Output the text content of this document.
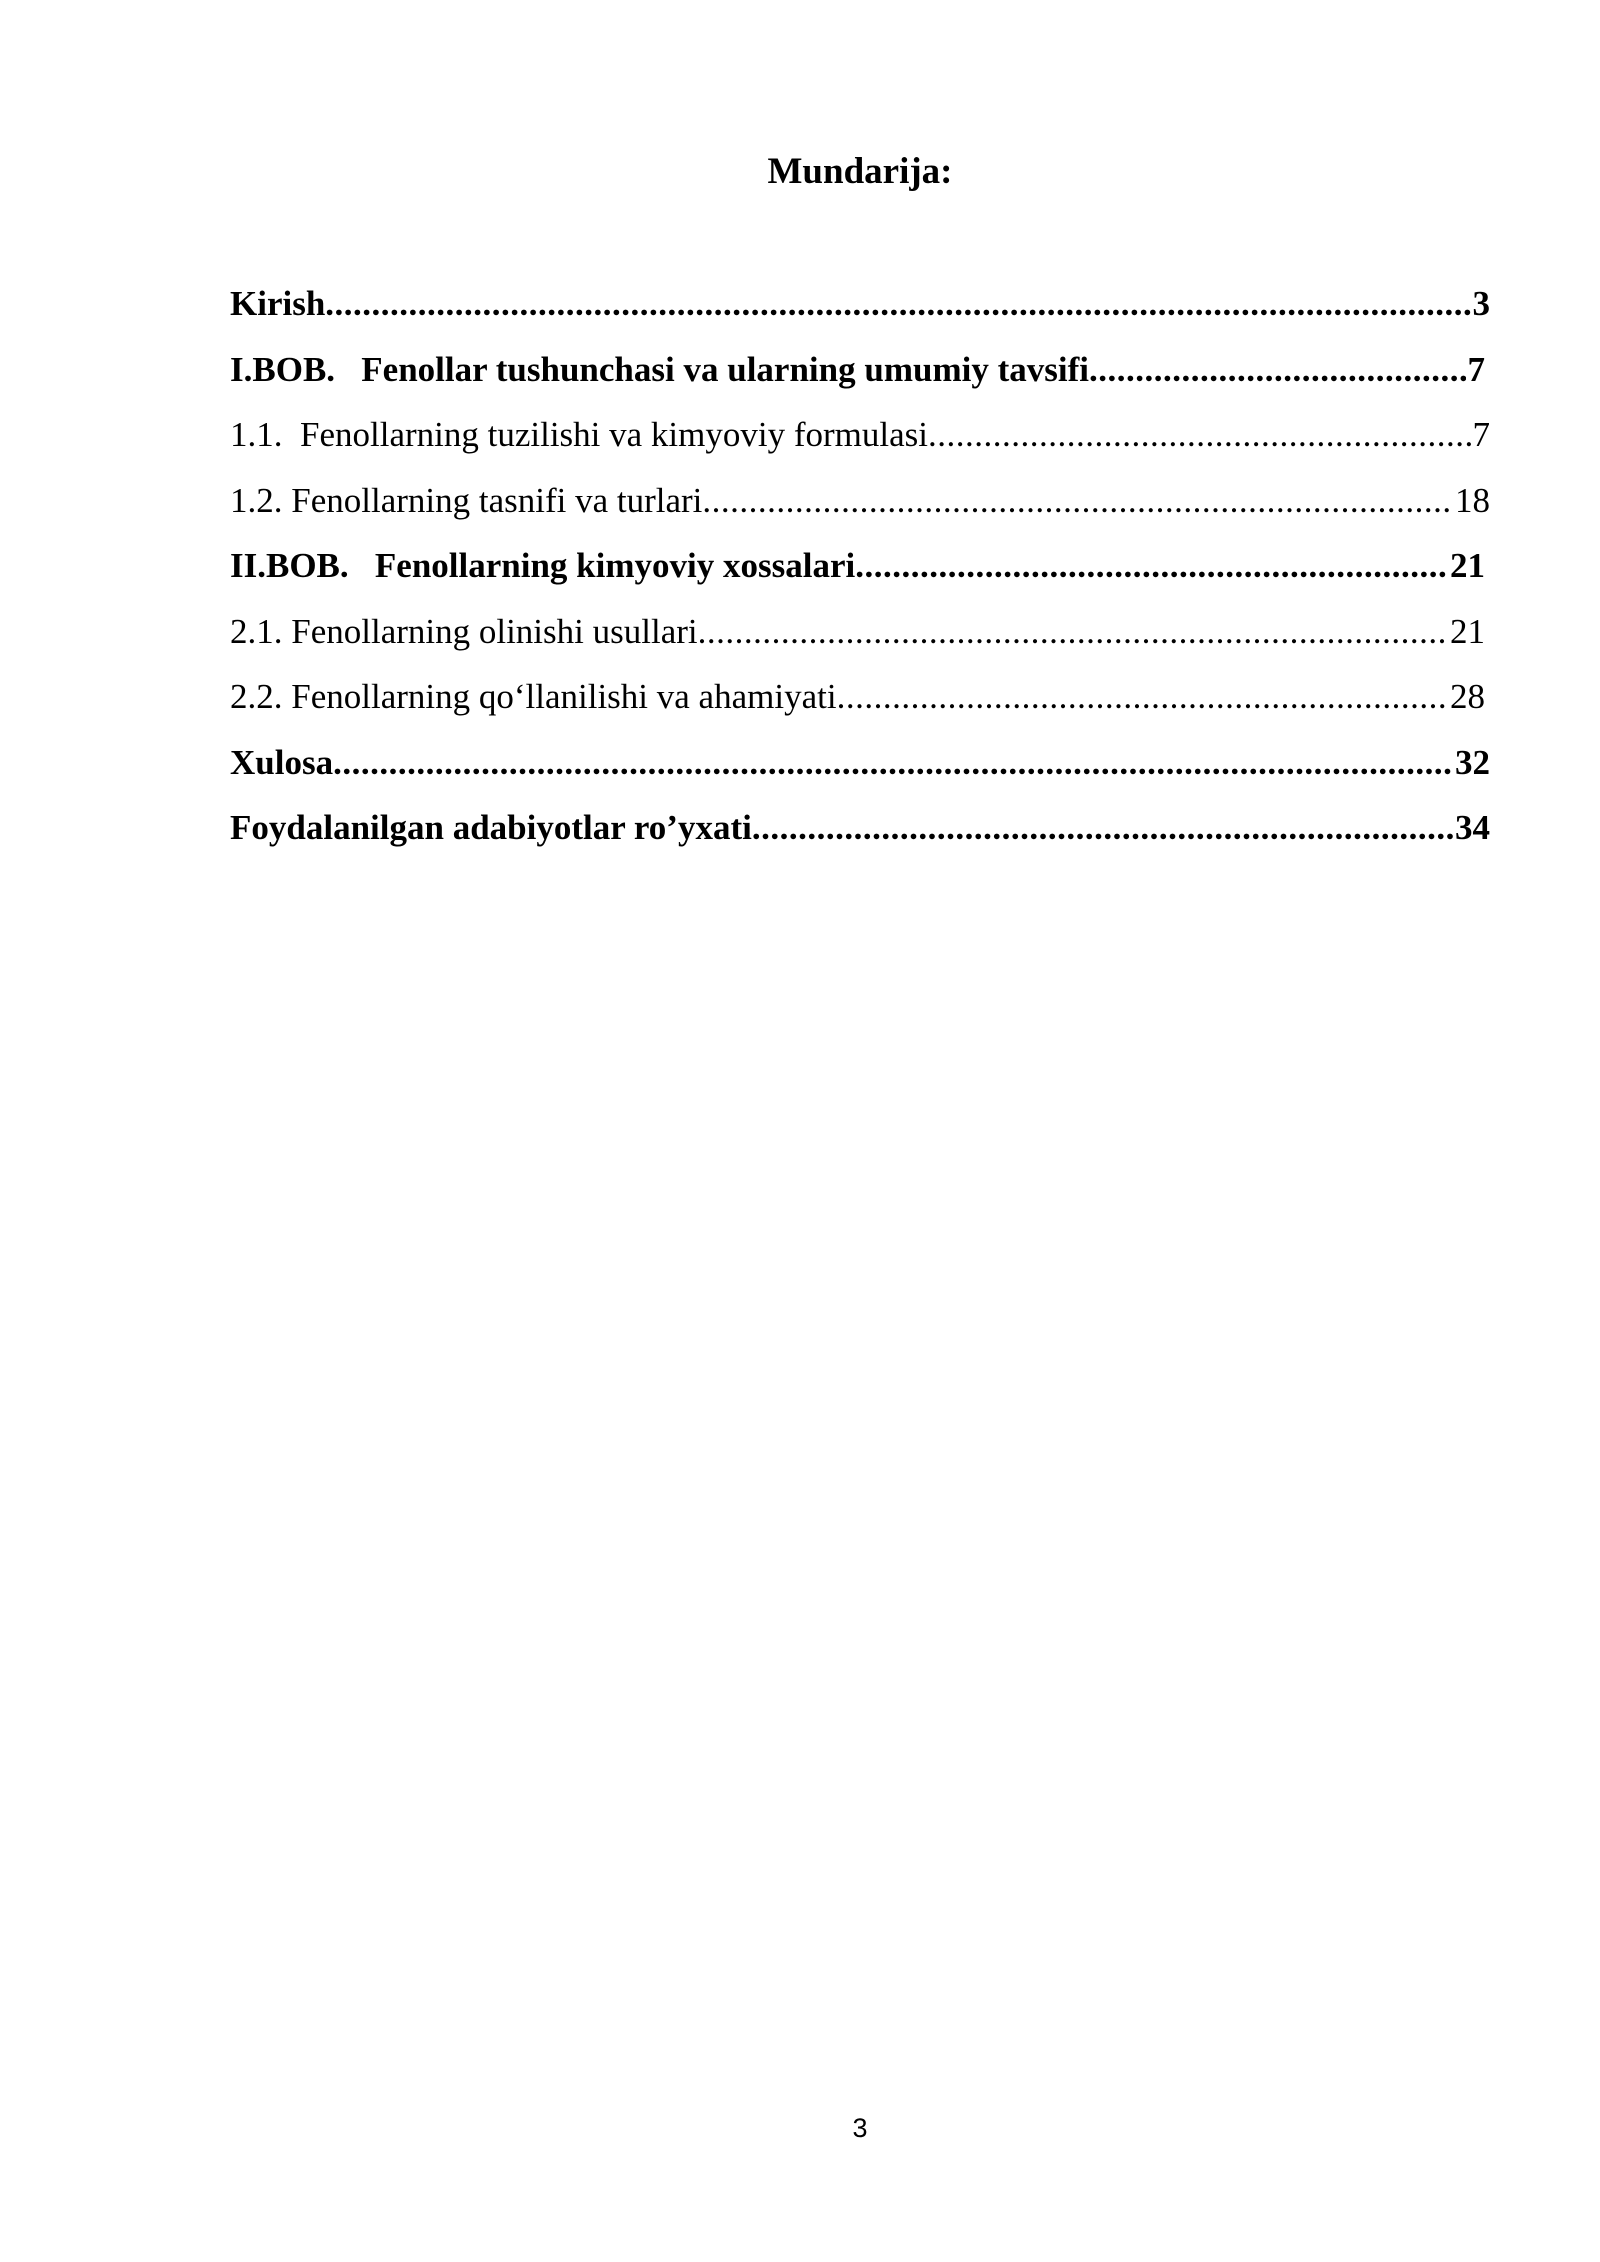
Mundarija:
Kirish .....	3
I.BOB.   Fenollar tushunchasi va ularning umumiy tavsifi .....	7
1.1.  Fenollarning tuzilishi va kimyoviy formulasi .....	7
1.2. Fenollarning tasnifi va turlari .....	18
II.BOB.   Fenollarning kimyoviy xossalari .....	21
2.1. Fenollarning olinishi usullari .....	21
2.2. Fenollarning qo‘llanilishi va ahamiyati .....	28
Xulosa .....	32
Foydalanilgan adabiyotlar ro’yxati .....	34
3
